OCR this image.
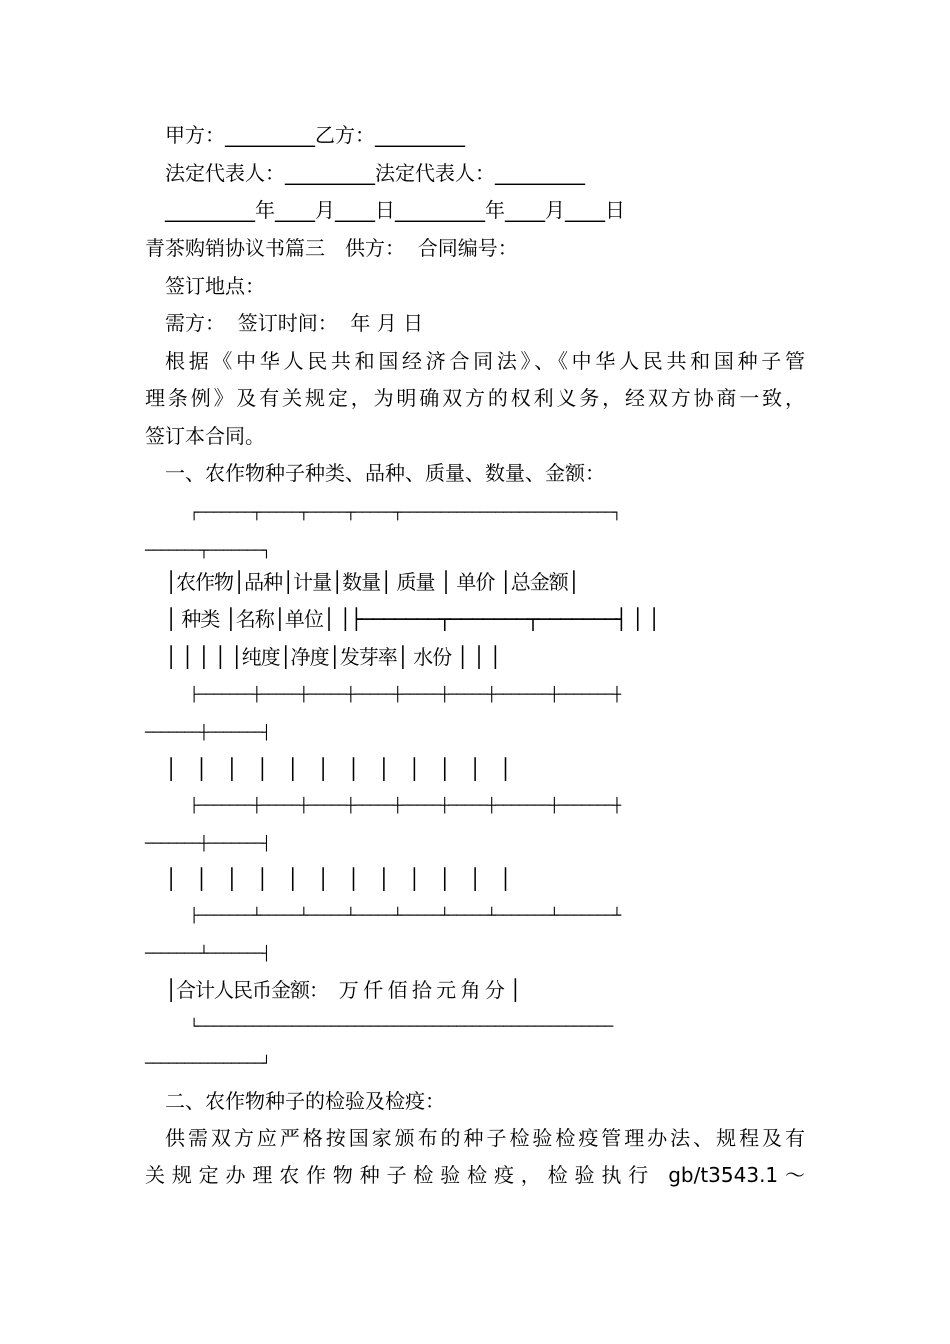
甲方：_________乙方：_________
法定代表人：_________法定代表人：_________
_________年____月____日_________年____月____日
青茶购销协议书篇三　供方：  合同编号：
签订地点：
需方：  签订时间：  年 月 日
根据《中华人民共和国经济合同法》、《中华人民共和国种子管
理条例》及有关规定，为明确双方的权利义务，经双方协商一致，
签订本合同。
一、农作物种子种类、品种、质量、数量、金额：
┌───────┬─────┬─────┬─────┬───────────────────────────┐
───────┬───────┐
│农作物│品种│计量│数量│ 质量 │ 单价 │总金额│
│ 种类 │名称│单位│ │├───────┬───────┬───────┤ │ │
│ │ │ │ │纯度│净度│发芽率│ 水份 │ │ │
├───────┼─────┼─────┼─────┼─────┼─────┼───────┼───────┼
───────┼───────┤
│ │ │ │ │ │ │ │ │ │ │ │
├───────┼─────┼─────┼─────┼─────┼─────┼───────┼───────┼
───────┼───────┤
│ │ │ │ │ │ │ │ │ │ │ │
├───────┴─────┴─────┴─────┴─────┴─────┴───────┴───────┴
───────┴───────┤
│合计人民币金额：  万 仟 佰 拾 元 角 分 │
└─────────────────────────────────────────────────────
───────────────┘
二、农作物种子的检验及检疫：
供需双方应严格按国家颁布的种子检验检疫管理办法、规程及有
关规定办理农作物种子检验检疫，检验执行 gb/t3543.1～
